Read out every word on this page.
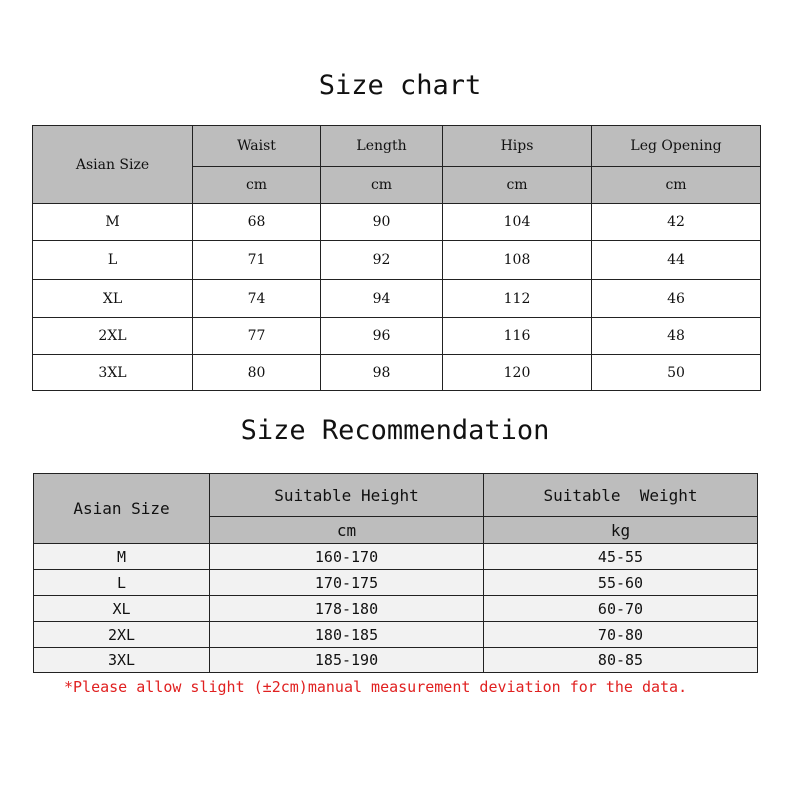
Size chart
Asian Size	Waist	Length	Hips	Leg Opening
	cm	cm	cm	cm
M	68	90	104	42
L	71	92	108	44
XL	74	94	112	46
2XL	77	96	116	48
3XL	80	98	120	50
Size Recommendation
Asian Size	Suitable Height	Suitable  Weight
	cm	kg
M	160-170	45-55
L	170-175	55-60
XL	178-180	60-70
2XL	180-185	70-80
3XL	185-190	80-85
*Please allow slight (±2cm)manual measurement deviation for the data.
